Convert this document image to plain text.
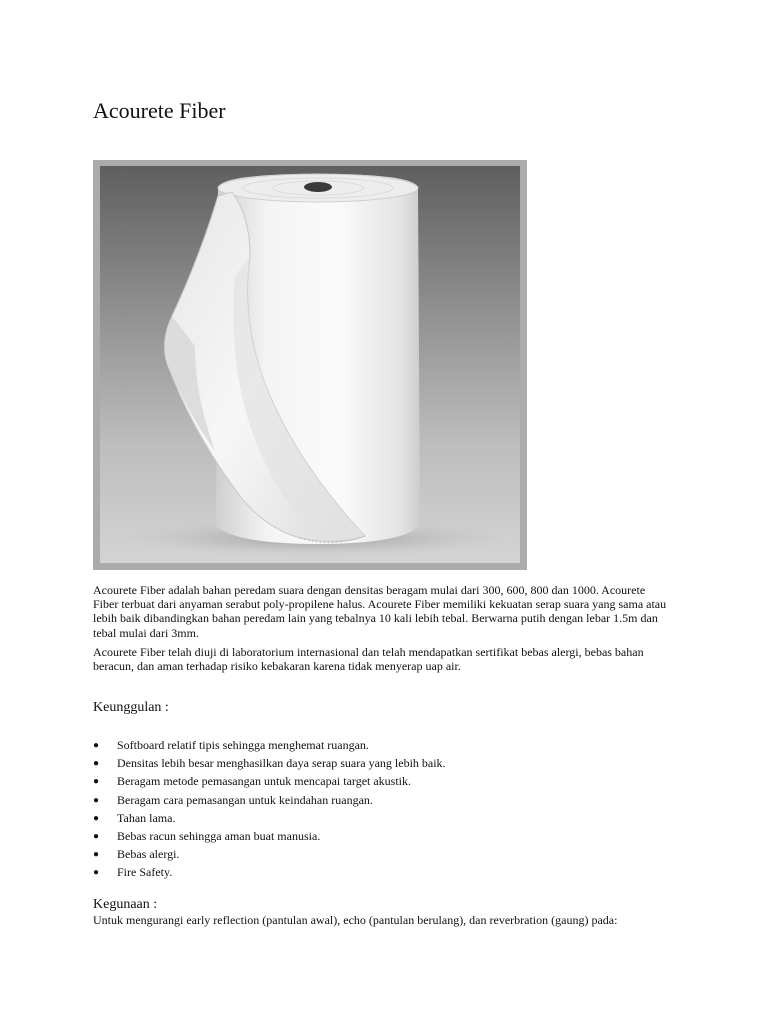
Acourete Fiber

Acourete Fiber adalah bahan peredam suara dengan densitas beragam mulai dari 300, 600, 800 dan 1000. Acourete Fiber terbuat dari anyaman serabut poly-propilene halus. Acourete Fiber memiliki kekuatan serap suara yang sama atau lebih baik dibandingkan bahan peredam lain yang tebalnya 10 kali lebih tebal. Berwarna putih dengan lebar 1.5m dan tebal mulai dari 3mm.

Acourete Fiber telah diuji di laboratorium internasional dan telah mendapatkan sertifikat bebas alergi, bebas bahan beracun, dan aman terhadap risiko kebakaran karena tidak menyerap uap air.

Keunggulan :
● Softboard relatif tipis sehingga menghemat ruangan.
● Densitas lebih besar menghasilkan daya serap suara yang lebih baik.
● Beragam metode pemasangan untuk mencapai target akustik.
● Beragam cara pemasangan untuk keindahan ruangan.
● Tahan lama.
● Bebas racun sehingga aman buat manusia.
● Bebas alergi.
● Fire Safety.
Kegunaan :

Untuk mengurangi early reflection (pantulan awal), echo (pantulan berulang), dan reverbration (gaung) pada:
